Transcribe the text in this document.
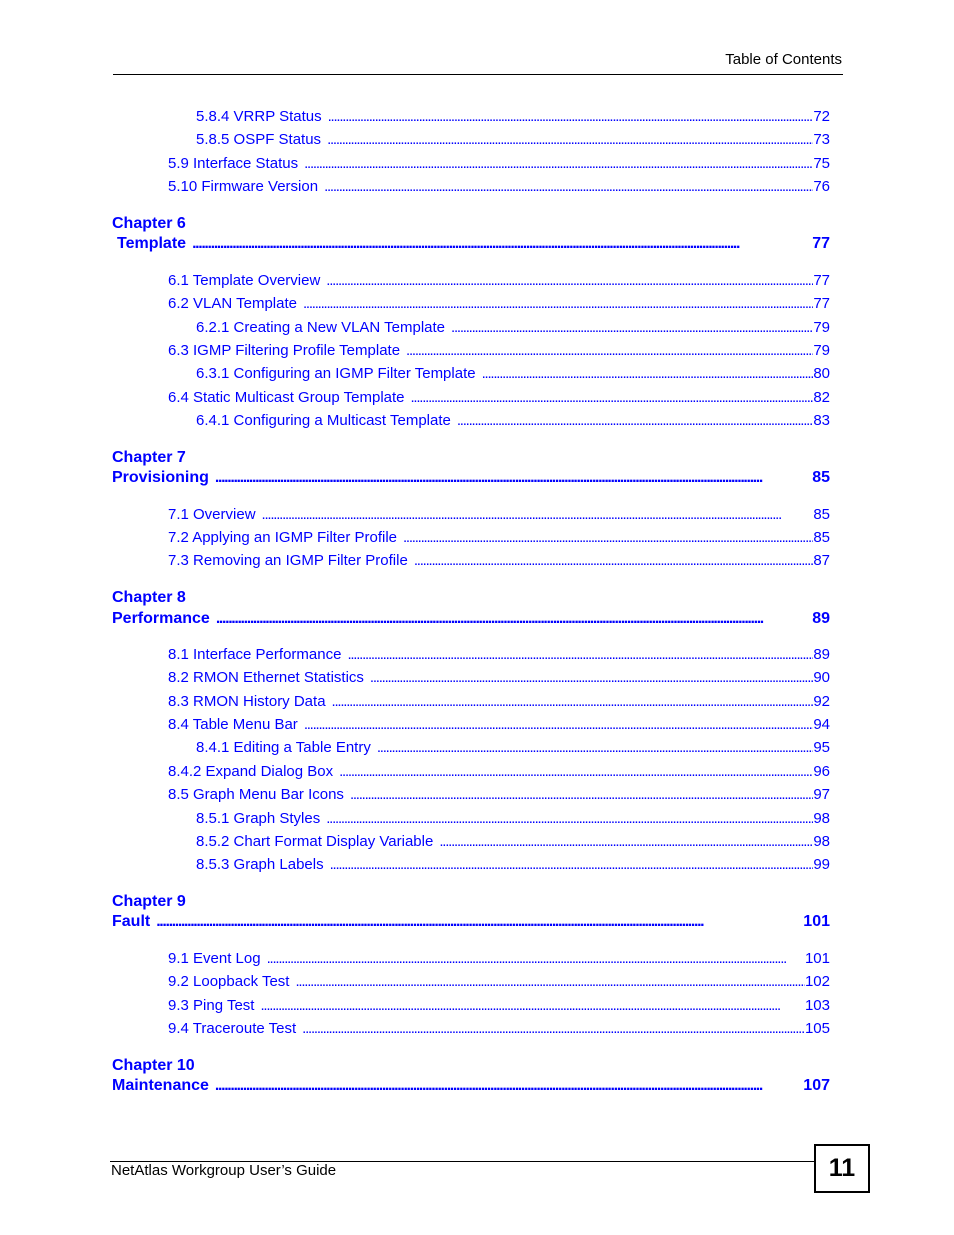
Table of Contents
5.8.4 VRRP Status . . .	72
5.8.5 OSPF Status . . .	73
5.9 Interface Status . . .	75
5.10 Firmware Version . . .	76
Chapter 6
Template . . .	77
6.1 Template Overview . . .	77
6.2 VLAN Template . . .	77
6.2.1 Creating a New VLAN Template . . .	79
6.3 IGMP Filtering Profile Template . . .	79
6.3.1 Configuring an IGMP Filter Template . . .	80
6.4 Static Multicast Group Template . . .	82
6.4.1 Configuring a Multicast Template . . .	83
Chapter 7
Provisioning . . .	85
7.1 Overview . . .	85
7.2 Applying an IGMP Filter Profile . . .	85
7.3 Removing an IGMP Filter Profile . . .	87
Chapter 8
Performance . . .	89
8.1 Interface Performance . . .	89
8.2 RMON Ethernet Statistics . . .	90
8.3 RMON History Data . . .	92
8.4 Table Menu Bar . . .	94
8.4.1 Editing a Table Entry . . .	95
8.4.2 Expand Dialog Box . . .	96
8.5 Graph Menu Bar Icons . . .	97
8.5.1 Graph Styles . . .	98
8.5.2 Chart Format Display Variable . . .	98
8.5.3 Graph Labels . . .	99
Chapter 9
Fault . . .	101
9.1 Event Log . . .	101
9.2 Loopback Test . . .	102
9.3 Ping Test . . .	103
9.4 Traceroute Test . . .	105
Chapter 10
Maintenance . . .	107
NetAtlas Workgroup User’s Guide	11
